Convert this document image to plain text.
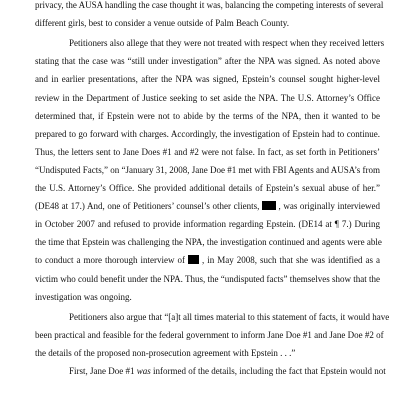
privacy, the AUSA handling the case thought it was, balancing the competing interests of several
different girls, best to consider a venue outside of Palm Beach County.
Petitioners also allege that they were not treated with respect when they received letters
stating that the case was “still under investigation” after the NPA was signed. As noted above
and in earlier presentations, after the NPA was signed, Epstein’s counsel sought higher-level
review in the Department of Justice seeking to set aside the NPA. The U.S. Attorney’s Office
determined that, if Epstein were not to abide by the terms of the NPA, then it wanted to be
prepared to go forward with charges. Accordingly, the investigation of Epstein had to continue.
Thus, the letters sent to Jane Does #1 and #2 were not false. In fact, as set forth in Petitioners’
“Undisputed Facts,” on “January 31, 2008, Jane Doe #1 met with FBI Agents and AUSA’s from
the U.S. Attorney’s Office. She provided additional details of Epstein’s sexual abuse of her.”
(DE48 at 17.) And, one of Petitioners’ counsel’s other clients, , was originally interviewed
in October 2007 and refused to provide information regarding Epstein. (DE14 at ¶ 7.) During
the time that Epstein was challenging the NPA, the investigation continued and agents were able
to conduct a more thorough interview of , in May 2008, such that she was identified as a
victim who could benefit under the NPA. Thus, the “undisputed facts” themselves show that the
investigation was ongoing.
Petitioners also argue that “[a]t all times material to this statement of facts, it would have
been practical and feasible for the federal government to inform Jane Doe #1 and Jane Doe #2 of
the details of the proposed non-prosecution agreement with Epstein . . .”
First, Jane Doe #1 was informed of the details, including the fact that Epstein would not
